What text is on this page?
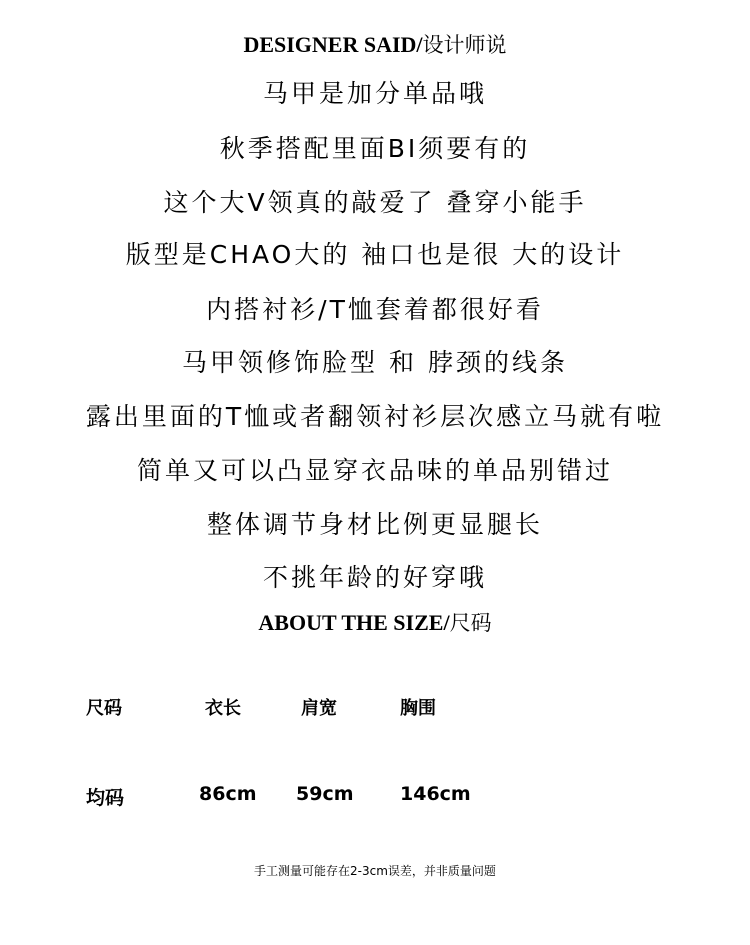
DESIGNER SAID/设计师说
马甲是加分单品哦
秋季搭配里面BI须要有的
这个大V领真的敲爱了 叠穿小能手
版型是CHAO大的 袖口也是很 大的设计
内搭衬衫/T恤套着都很好看
马甲领修饰脸型 和 脖颈的线条
露出里面的T恤或者翻领衬衫层次感立马就有啦
简单又可以凸显穿衣品味的单品别错过
整体调节身材比例更显腿长
不挑年龄的好穿哦
ABOUT THE SIZE/尺码
尺码	衣长	肩宽	胸围
均码	86cm 59cm 146cm
手工测量可能存在2-3cm误差，并非质量问题
